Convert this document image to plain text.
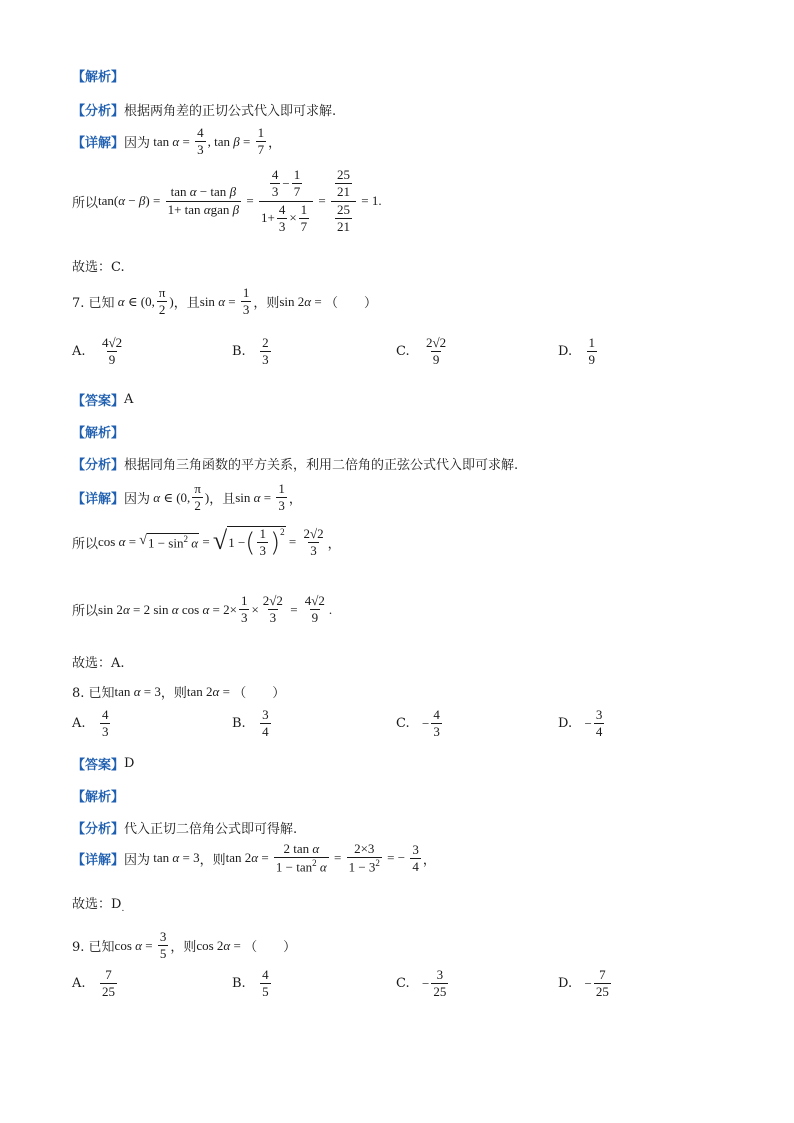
【解析】
【分析】 根据两角差的正切公式代入即可求解.
【详解】 因为 $\tan \alpha = \frac{4}{3}$ , $\tan \beta = \frac{1}{7}$ ，
所以 tan(α − β) =
tan α − tan β
1+ tan αgan β
= 4
3
−
1
7
1+
4
3
×
1
$7 = \frac{\frac{25}{21}}{\frac{25}{21}} = 1$.
故选：C.
7. 已知 α ∈ (0,
π
2
) ，且 $\sin \alpha = \frac{1}{3}$ ，则 sin 2α = （　　）
A.

4√2
9
B.

2
3
C.

2√2
9
D.

1
9
【答案】 A
【解析】
【分析】 根据同角三角函数的平方关系，利用二倍角的正弦公式代入即可求解.
【详解】 因为 α ∈ (0,
π
2
) ，且 $\sin \alpha = \frac{1}{3}$ ，
所以 cos α = √ $1 - \sin^2 \alpha$ = √ 1 − ( 1
3 )$^2$
= $\frac{2√2}{3}$ ，
所以 sin 2α = 2 sin α $\cos \alpha = 2\times \frac{1}{3} \times \frac{2√2}{3} = \frac{4√2}{9}$ .
故选：A.
8. 已知 tan α = 3 ，则 tan 2α = （　　）
A.

4
3
B.

3
4
C.
− $\frac{4}{3}$	D.
− $\frac{3}{4}$
【答案】 D
【解析】
【分析】 代入正切二倍角公式即可得解.
【详解】 因为 tan α = 3 ，则 $\tan 2\alpha = \frac{\text{2 tan α}}{1 - \tan^2 \alpha} = \frac{2\times 3}{1 - 3^2}$ = − $\frac{3}{4}$ ，
故选：D .
9. 已知 $\cos \alpha = \frac{3}{5}$ ，则 cos 2α = （　　）
A.

7
25
B.

4
5
C.
− $\frac{3}{25}$	D.
− $\frac{7}{25}$
